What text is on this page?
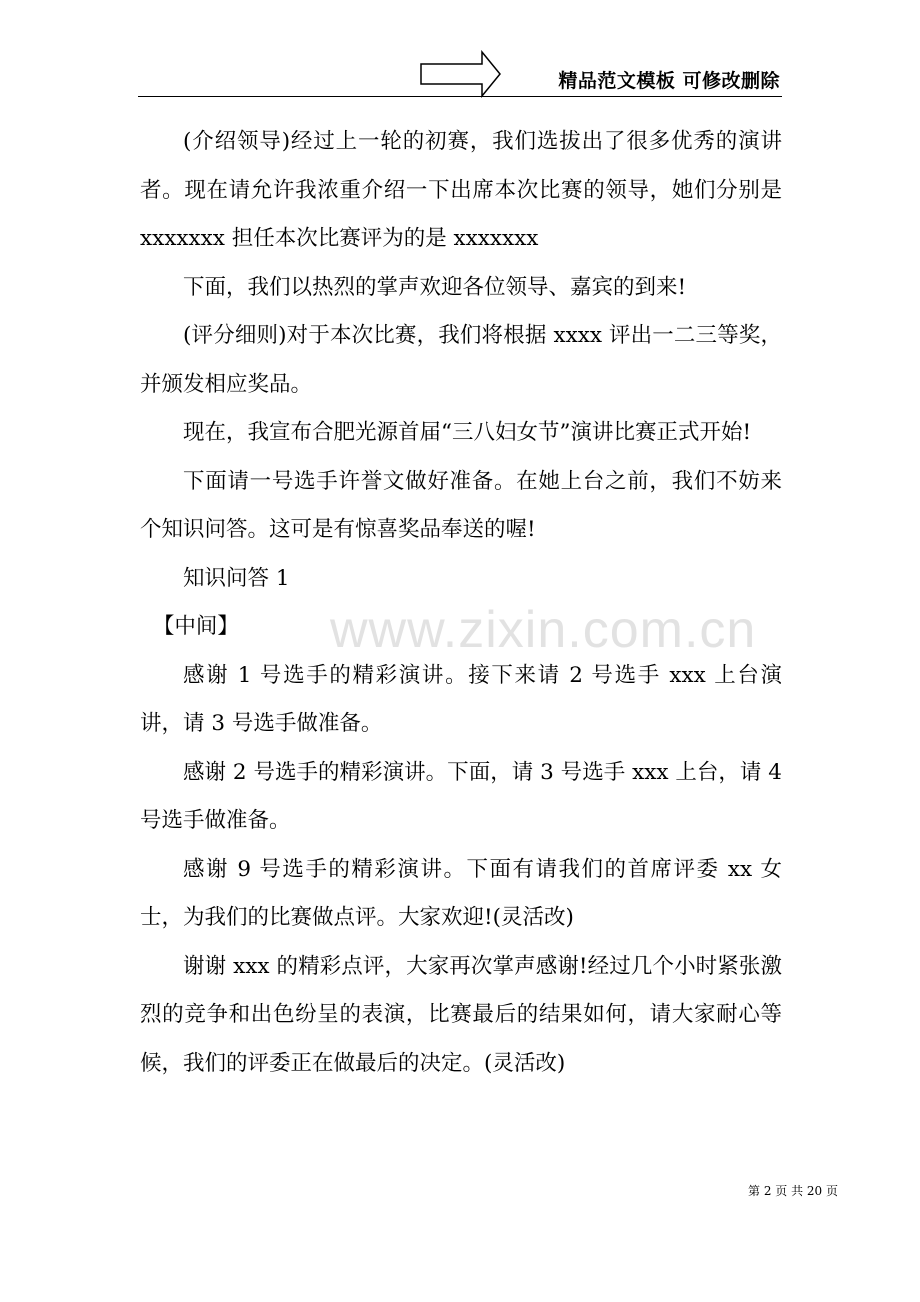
精品范文模板 可修改删除

(介绍领导)经过上一轮的初赛，我们选拔出了很多优秀的演讲者。现在请允许我浓重介绍一下出席本次比赛的领导，她们分别是 xxxxxxx 担任本次比赛评为的是 xxxxxxx

下面，我们以热烈的掌声欢迎各位领导、嘉宾的到来!

(评分细则)对于本次比赛，我们将根据 xxxx 评出一二三等奖，并颁发相应奖品。

现在，我宣布合肥光源首届“三八妇女节”演讲比赛正式开始!

下面请一号选手许誉文做好准备。在她上台之前，我们不妨来个知识问答。这可是有惊喜奖品奉送的喔!

知识问答 1

【中间】

感谢 1 号选手的精彩演讲。接下来请 2 号选手 xxx 上台演讲，请 3 号选手做准备。

感谢 2 号选手的精彩演讲。下面，请 3 号选手 xxx 上台，请 4 号选手做准备。

感谢 9 号选手的精彩演讲。下面有请我们的首席评委 xx 女士，为我们的比赛做点评。大家欢迎!(灵活改)

谢谢 xxx 的精彩点评，大家再次掌声感谢!经过几个小时紧张激烈的竞争和出色纷呈的表演，比赛最后的结果如何，请大家耐心等候，我们的评委正在做最后的决定。(灵活改)

www.zixin.com.cn
第 2 页 共 20 页
